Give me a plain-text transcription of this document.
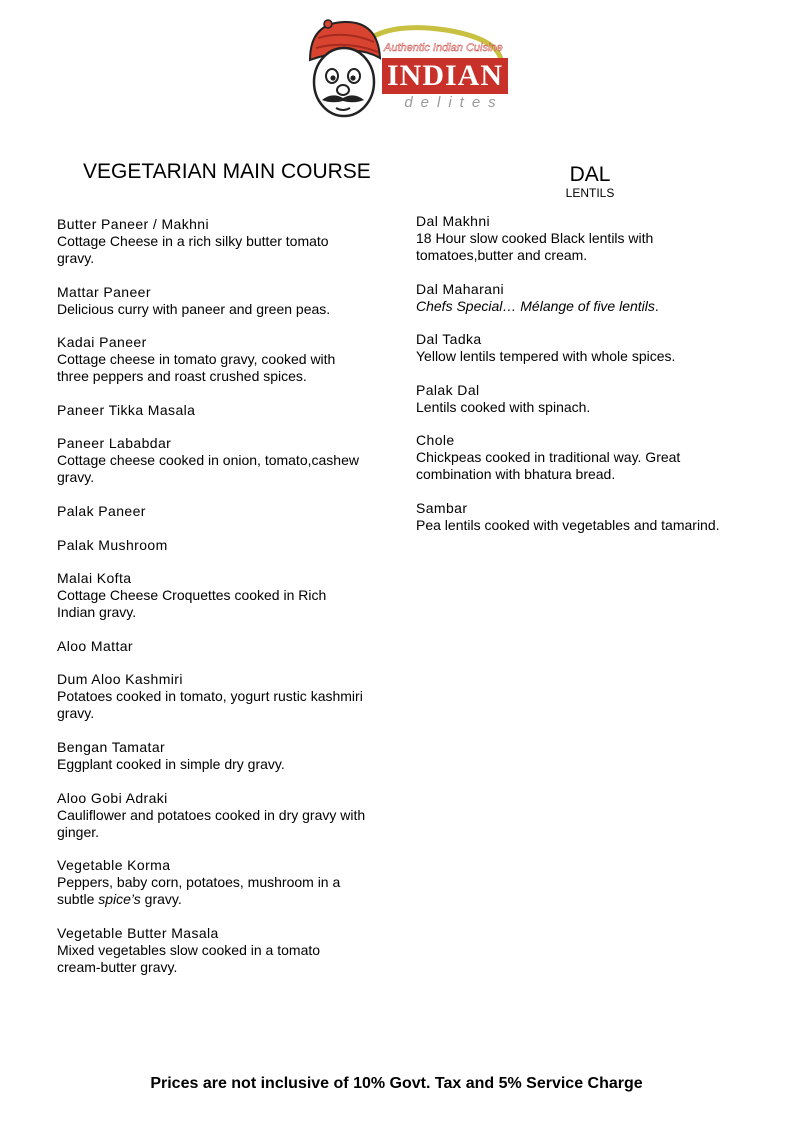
Authentic Indian Cuisine
INDIAN
delites
VEGETARIAN MAIN COURSE	DAL
LENTILS
Butter Paneer / Makhni
Cottage Cheese in a rich silky butter tomato gravy.
Mattar Paneer
Delicious curry with paneer and green peas.
Kadai Paneer
Cottage cheese in tomato gravy, cooked with three peppers and roast crushed spices.
Paneer Tikka Masala
Paneer Lababdar
Cottage cheese cooked in onion, tomato,cashew gravy.
Palak Paneer
Palak Mushroom
Malai Kofta
Cottage Cheese Croquettes cooked in Rich Indian gravy.
Aloo Mattar
Dum Aloo Kashmiri
Potatoes cooked in tomato, yogurt rustic kashmiri gravy.
Bengan Tamatar
Eggplant cooked in simple dry gravy.
Aloo Gobi Adraki
Cauliflower and potatoes cooked in dry gravy with ginger.
Vegetable Korma
Peppers, baby corn, potatoes, mushroom in a subtle spice’s gravy.
Vegetable Butter Masala
Mixed vegetables slow cooked in a tomato cream-butter gravy.
Dal Makhni
18 Hour slow cooked Black lentils with tomatoes,butter and cream.
Dal Maharani
Chefs Special… Mélange of five lentils.
Dal Tadka
Yellow lentils tempered with whole spices.
Palak Dal
Lentils cooked with spinach.
Chole
Chickpeas cooked in traditional way. Great combination with bhatura bread.
Sambar
Pea lentils cooked with vegetables and tamarind.
Prices are not inclusive of 10% Govt. Tax and 5% Service Charge
